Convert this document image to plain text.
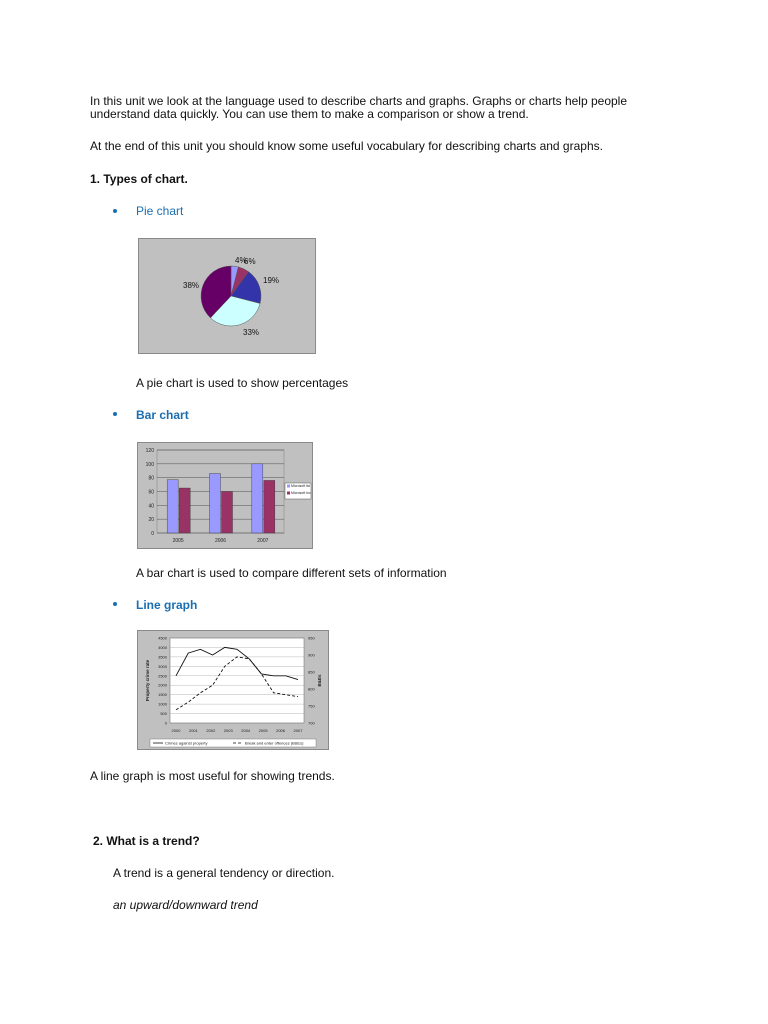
In this unit we look at the language used to describe charts and graphs. Graphs or charts help people

understand data quickly. You can use them to make a comparison or show a trend.

At the end of this unit you should know some useful vocabulary for describing charts and graphs.

1. Types of chart.

Pie chart

4%
6%
19%
33%
38%

A pie chart is used to show percentages

Bar chart

0
20
40
60
80
100
120
2005	2006	2007
Microsoft ltd
Microsoft Inc

A bar chart is used to compare different sets of information

Line graph

0
500
1000
1500
2000
2500
3000
3500
4000
4500
700
750
800
850
900
950
2000 2001 2002 2003 2004 2005 2006 2007
Property crime rate	B&Es
Crimes against property	Break and enter offences (B&Es)

A line graph is most useful for showing trends.

2. What is a trend?

A trend is a general tendency or direction.

an upward/downward trend
